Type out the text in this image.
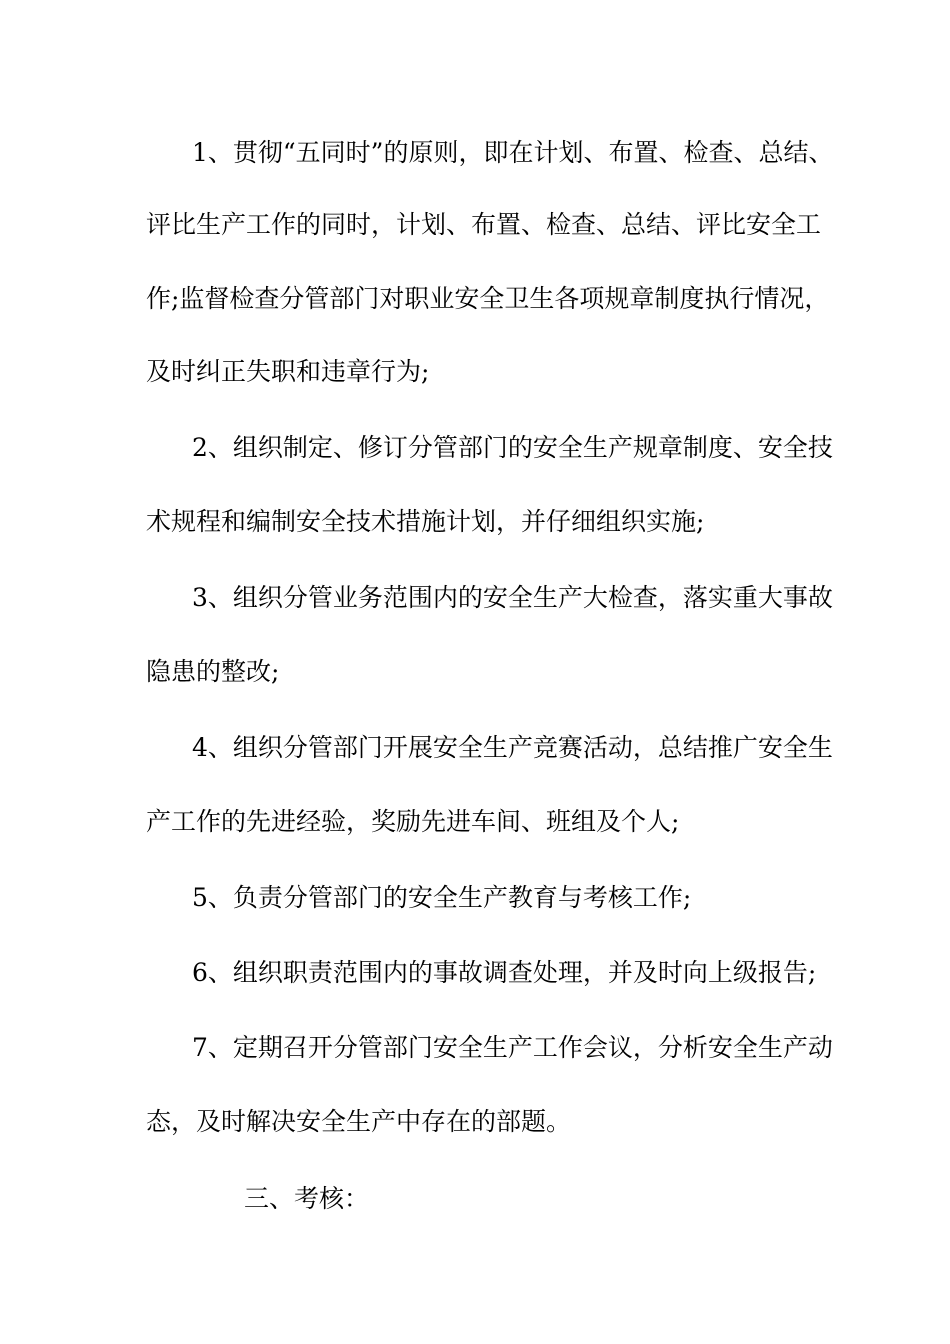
1、贯彻“五同时”的原则，即在计划、布置、检查、总结、
评比生产工作的同时，计划、布置、检查、总结、评比安全工
作;监督检查分管部门对职业安全卫生各项规章制度执行情况，
及时纠正失职和违章行为;
2、组织制定、修订分管部门的安全生产规章制度、安全技
术规程和编制安全技术措施计划，并仔细组织实施;
3、组织分管业务范围内的安全生产大检查，落实重大事故
隐患的整改;
4、组织分管部门开展安全生产竞赛活动，总结推广安全生
产工作的先进经验，奖励先进车间、班组及个人;
5、负责分管部门的安全生产教育与考核工作;
6、组织职责范围内的事故调查处理，并及时向上级报告;
7、定期召开分管部门安全生产工作会议，分析安全生产动
态，及时解决安全生产中存在的部题。
三、考核：
